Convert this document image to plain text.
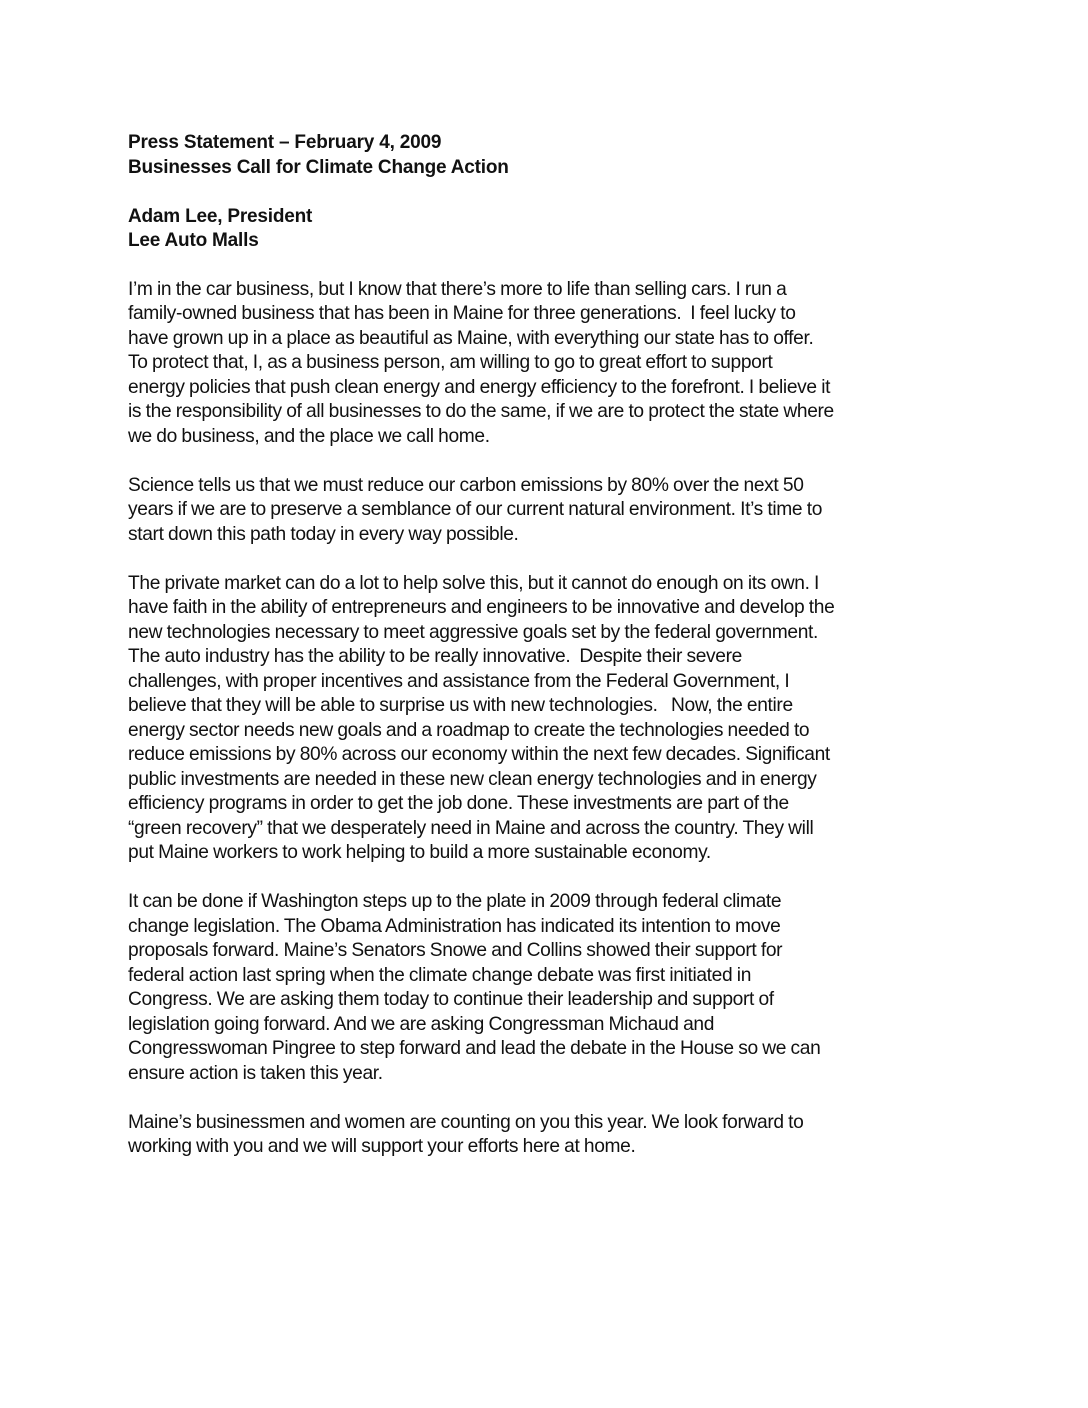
Press Statement – February 4, 2009
Businesses Call for Climate Change Action
Adam Lee, President
Lee Auto Malls

I’m in the car business, but I know that there’s more to life than selling cars. I run a
family-owned business that has been in Maine for three generations.  I feel lucky to
have grown up in a place as beautiful as Maine, with everything our state has to offer.
To protect that, I, as a business person, am willing to go to great effort to support
energy policies that push clean energy and energy efficiency to the forefront. I believe it
is the responsibility of all businesses to do the same, if we are to protect the state where
we do business, and the place we call home.

Science tells us that we must reduce our carbon emissions by 80% over the next 50
years if we are to preserve a semblance of our current natural environment. It’s time to
start down this path today in every way possible.

The private market can do a lot to help solve this, but it cannot do enough on its own. I
have faith in the ability of entrepreneurs and engineers to be innovative and develop the
new technologies necessary to meet aggressive goals set by the federal government.
The auto industry has the ability to be really innovative.  Despite their severe
challenges, with proper incentives and assistance from the Federal Government, I
believe that they will be able to surprise us with new technologies.   Now, the entire
energy sector needs new goals and a roadmap to create the technologies needed to
reduce emissions by 80% across our economy within the next few decades. Significant
public investments are needed in these new clean energy technologies and in energy
efficiency programs in order to get the job done. These investments are part of the
“green recovery” that we desperately need in Maine and across the country. They will
put Maine workers to work helping to build a more sustainable economy.

It can be done if Washington steps up to the plate in 2009 through federal climate
change legislation. The Obama Administration has indicated its intention to move
proposals forward. Maine’s Senators Snowe and Collins showed their support for
federal action last spring when the climate change debate was first initiated in
Congress. We are asking them today to continue their leadership and support of
legislation going forward. And we are asking Congressman Michaud and
Congresswoman Pingree to step forward and lead the debate in the House so we can
ensure action is taken this year.

Maine’s businessmen and women are counting on you this year. We look forward to
working with you and we will support your efforts here at home.
